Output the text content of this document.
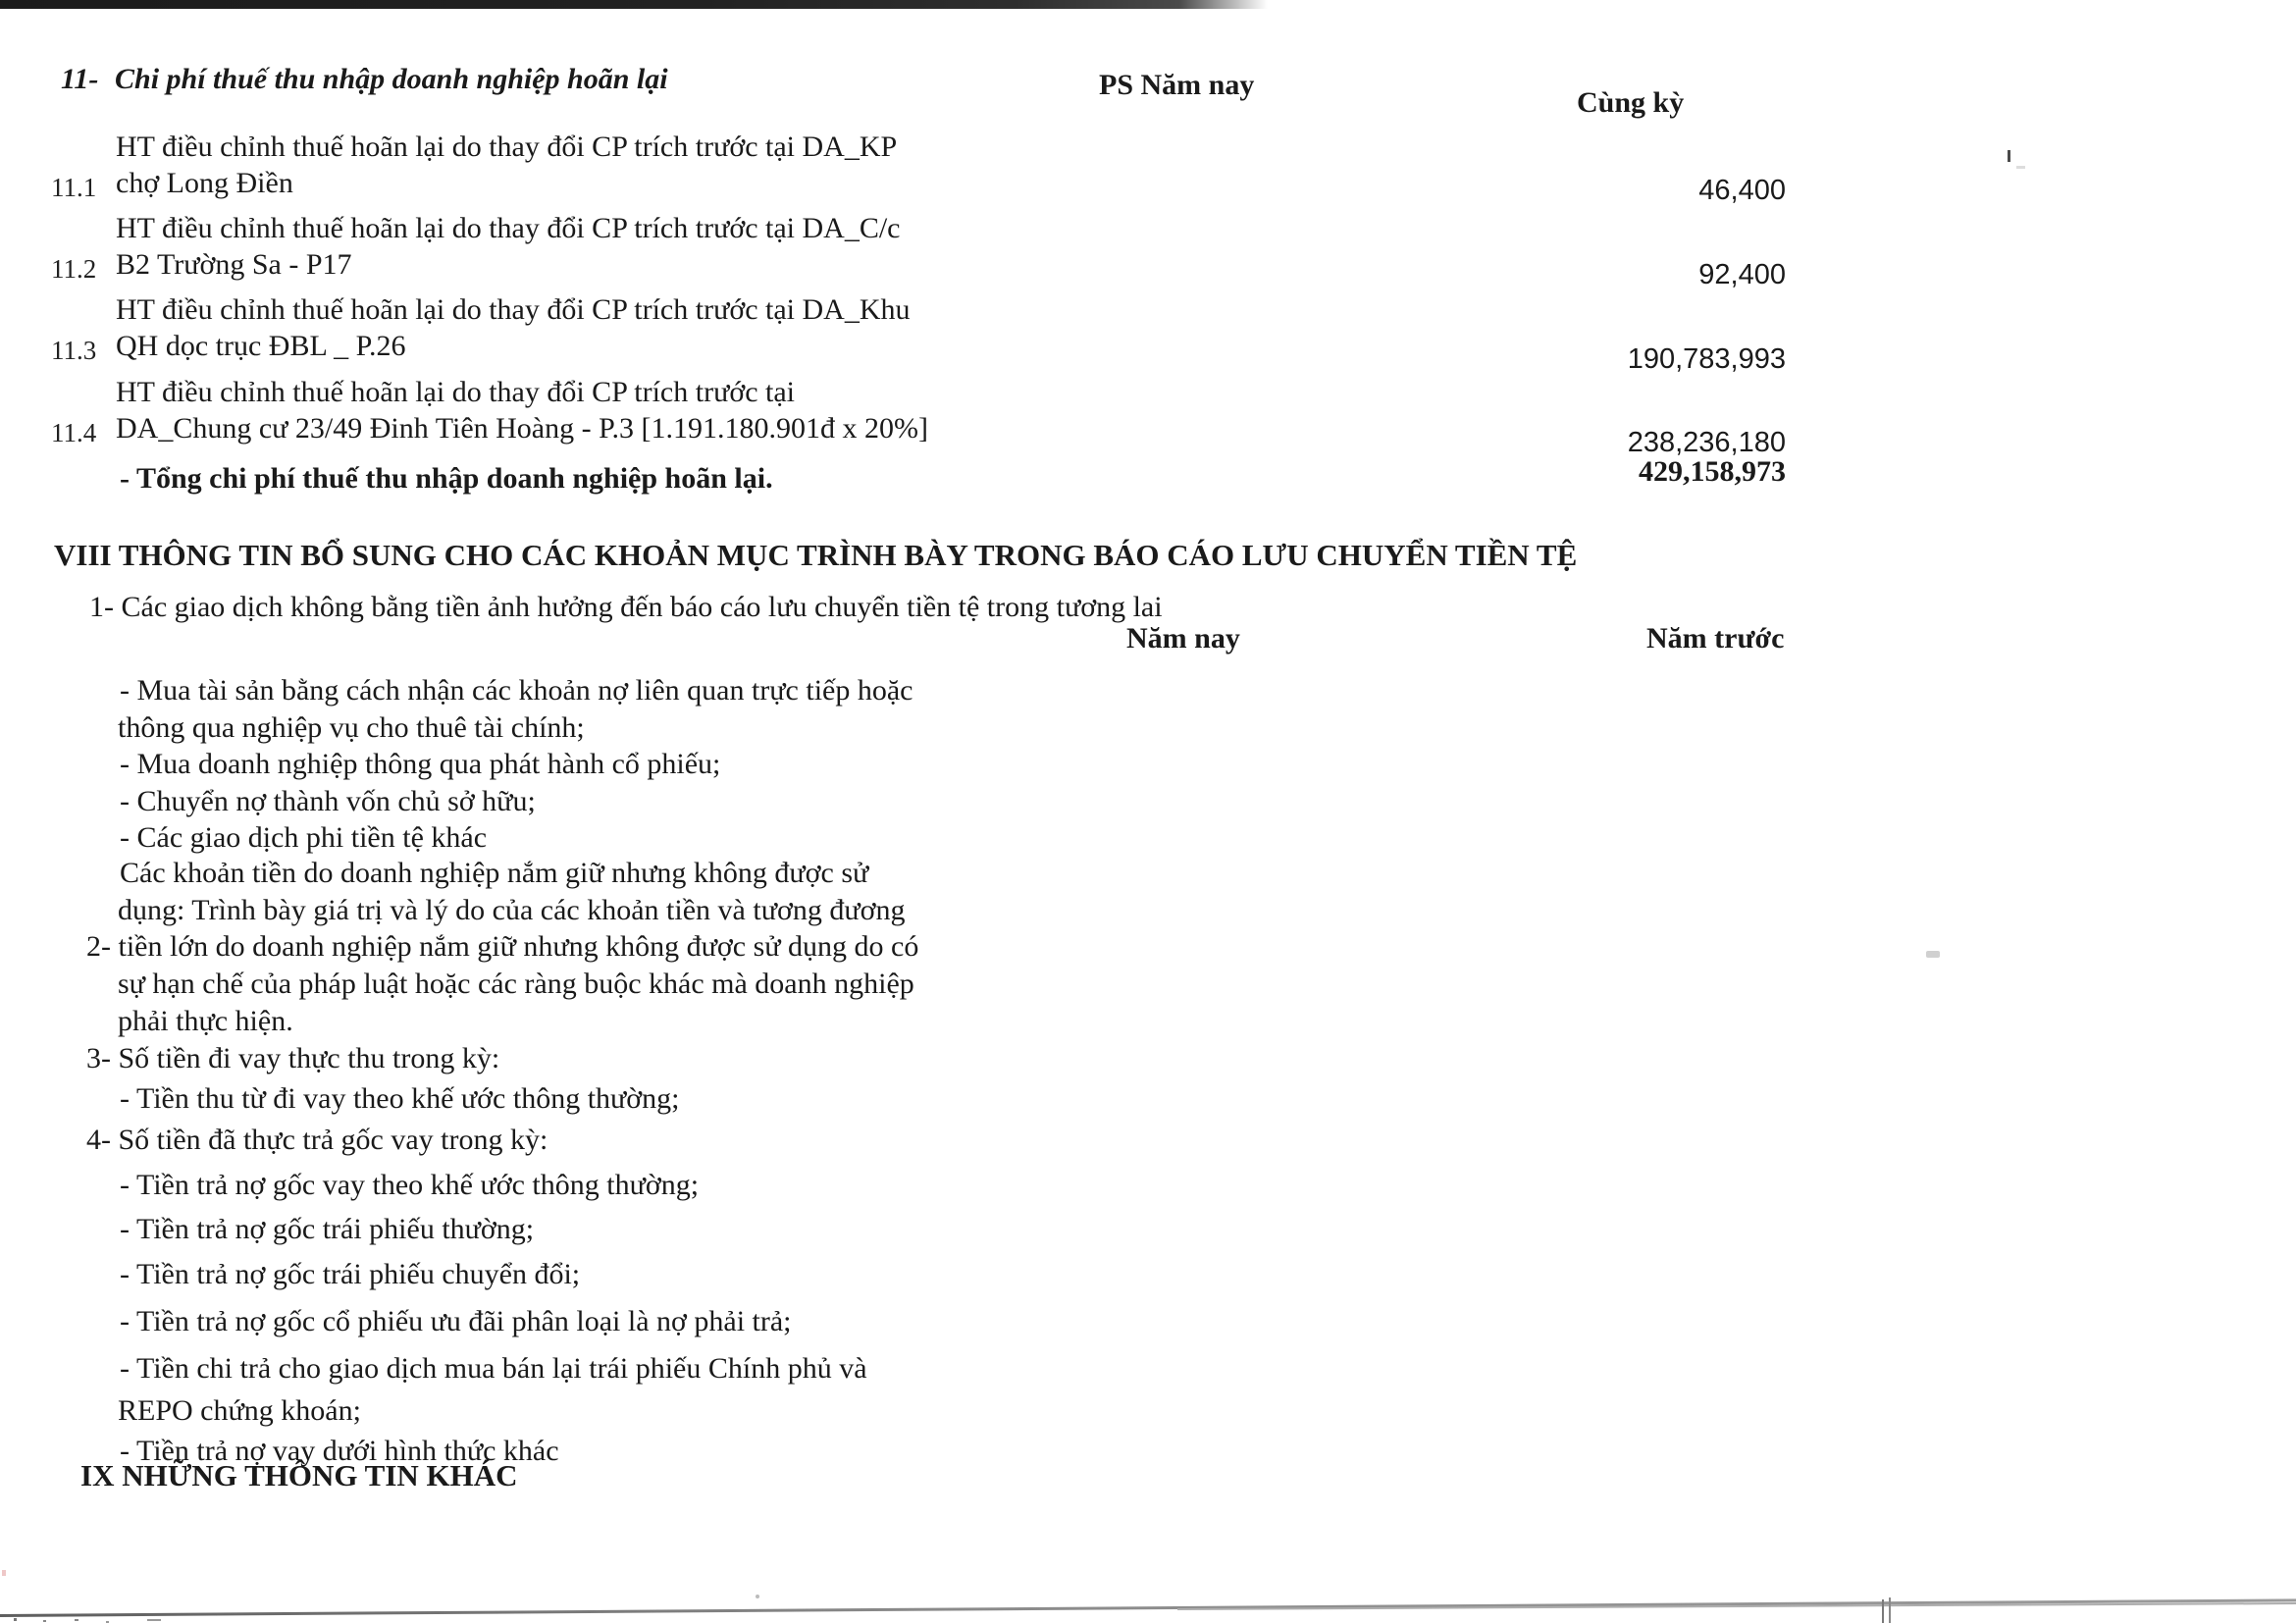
11- Chi phí thuế thu nhập doanh nghiệp hoãn lại	PS Năm nay
Cùng kỳ
HT điều chỉnh thuế hoãn lại do thay đổi CP trích trước tại DA_KP
11.1 chợ Long Điền	46,400
HT điều chỉnh thuế hoãn lại do thay đổi CP trích trước tại DA_C/c
11.2 B2 Trường Sa - P17	92,400
HT điều chỉnh thuế hoãn lại do thay đổi CP trích trước tại DA_Khu
11.3 QH dọc trục ĐBL _ P.26	190,783,993
HT điều chỉnh thuế hoãn lại do thay đổi CP trích trước tại
11.4 DA_Chung cư 23/49 Đinh Tiên Hoàng - P.3 [1.191.180.901đ x 20%]	238,236,180
- Tổng chi phí thuế thu nhập doanh nghiệp hoãn lại.	429,158,973
VIII THÔNG TIN BỔ SUNG CHO CÁC KHOẢN MỤC TRÌNH BÀY TRONG BÁO CÁO LƯU CHUYỂN TIỀN TỆ
1- Các giao dịch không bằng tiền ảnh hưởng đến báo cáo lưu chuyển tiền tệ trong tương lai
Năm nay	Năm trước
- Mua tài sản bằng cách nhận các khoản nợ liên quan trực tiếp hoặc
thông qua nghiệp vụ cho thuê tài chính;
- Mua doanh nghiệp thông qua phát hành cổ phiếu;
- Chuyển nợ thành vốn chủ sở hữu;
- Các giao dịch phi tiền tệ khác
Các khoản tiền do doanh nghiệp nắm giữ nhưng không được sử
dụng: Trình bày giá trị và lý do của các khoản tiền và tương đương
2- tiền lớn do doanh nghiệp nắm giữ nhưng không được sử dụng do có
sự hạn chế của pháp luật hoặc các ràng buộc khác mà doanh nghiệp
phải thực hiện.
3- Số tiền đi vay thực thu trong kỳ:
- Tiền thu từ đi vay theo khế ước thông thường;
4- Số tiền đã thực trả gốc vay trong kỳ:
- Tiền trả nợ gốc vay theo khế ước thông thường;
- Tiền trả nợ gốc trái phiếu thường;
- Tiền trả nợ gốc trái phiếu chuyển đổi;
- Tiền trả nợ gốc cổ phiếu ưu đãi phân loại là nợ phải trả;
- Tiền chi trả cho giao dịch mua bán lại trái phiếu Chính phủ và
REPO chứng khoán;
- Tiền trả nợ vay dưới hình thức khác
IX NHỮNG THÔNG TIN KHÁC
